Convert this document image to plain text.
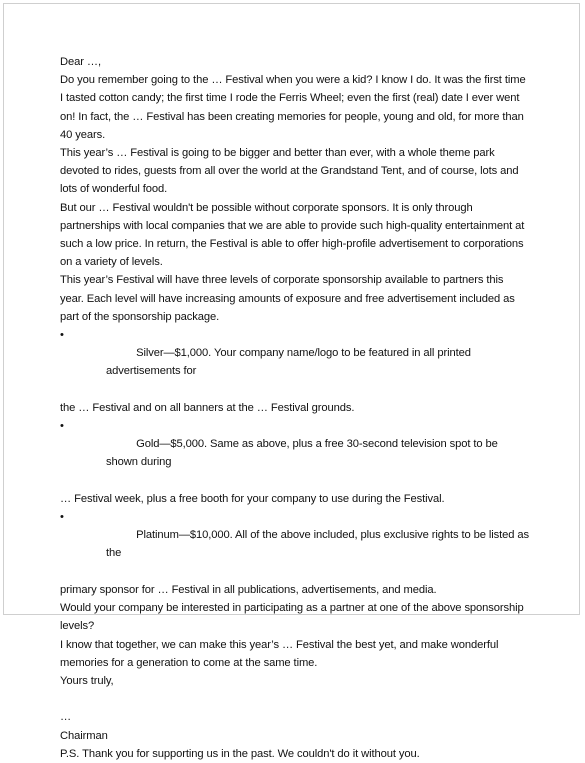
Dear …,
Do you remember going to the … Festival when you were a kid? I know I do. It was the first time I tasted cotton candy; the first time I rode the Ferris Wheel; even the first (real) date I ever went on! In fact, the … Festival has been creating memories for people, young and old, for more than 40 years.
This year’s … Festival is going to be bigger and better than ever, with a whole theme park devoted to rides, guests from all over the world at the Grandstand Tent, and of course, lots and lots of wonderful food.
But our … Festival wouldn't be possible without corporate sponsors. It is only through partnerships with local companies that we are able to provide such high-quality entertainment at such a low price. In return, the Festival is able to offer high-profile advertisement to corporations on a variety of levels.
This year’s Festival will have three levels of corporate sponsorship available to partners this year. Each level will have increasing amounts of exposure and free advertisement included as part of the sponsorship package.

•
Silver—$1,000. Your company name/logo to be featured in all printed advertisements for

the … Festival and on all banners at the … Festival grounds.

•
Gold—$5,000. Same as above, plus a free 30-second television spot to be shown during

… Festival week, plus a free booth for your company to use during the Festival.

•
Platinum—$10,000. All of the above included, plus exclusive rights to be listed as the

primary sponsor for … Festival in all publications, advertisements, and media.
Would your company be interested in participating as a partner at one of the above sponsorship levels?
I know that together, we can make this year’s … Festival the best yet, and make wonderful memories for a generation to come at the same time.
Yours truly,

…
Chairman
P.S. Thank you for supporting us in the past. We couldn't do it without you.
